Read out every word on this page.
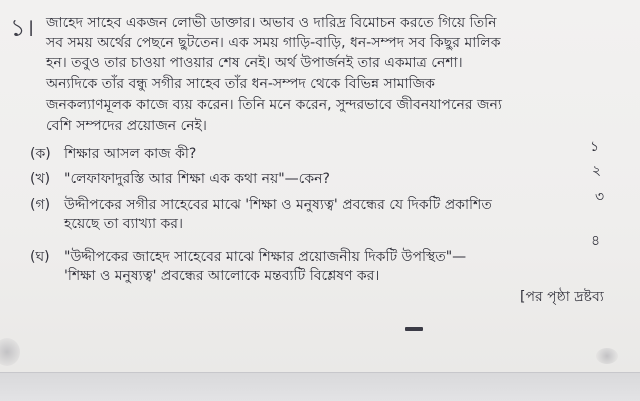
১। জাহেদ সাহেব একজন লোভী ডাক্তার। অভাব ও দারিদ্র বিমোচন করতে গিয়ে তিনি
সব সময় অর্থের পেছনে ছুটতেন। এক সময় গাড়ি-বাড়ি, ধন-সম্পদ সব কিছুর মালিক
হন। তবুও তার চাওয়া পাওয়ার শেষ নেই। অর্থ উপার্জনই তার একমাত্র নেশা।
অন্যদিকে তাঁর বন্ধু সগীর সাহেব তাঁর ধন-সম্পদ থেকে বিভিন্ন সামাজিক
জনকল্যাণমূলক কাজে ব্যয় করেন। তিনি মনে করেন, সুন্দরভাবে জীবনযাপনের জন্য
বেশি সম্পদের প্রয়োজন নেই।
(ক) শিক্ষার আসল কাজ কী?	১
(খ) "লেফাফাদুরস্তি আর শিক্ষা এক কথা নয়"—কেন?	২
(গ) উদ্দীপকের সগীর সাহেবের মাঝে 'শিক্ষা ও মনুষ্যত্ব' প্রবন্ধের যে দিকটি প্রকাশিত
হয়েছে তা ব্যাখ্যা কর।
৩
(ঘ) "উদ্দীপকের জাহেদ সাহেবের মাঝে শিক্ষার প্রয়োজনীয় দিকটি উপস্থিত"—
'শিক্ষা ও মনুষ্যত্ব' প্রবন্ধের আলোকে মন্তব্যটি বিশ্লেষণ কর।
৪
[পর পৃষ্ঠা দ্রষ্টব্য
